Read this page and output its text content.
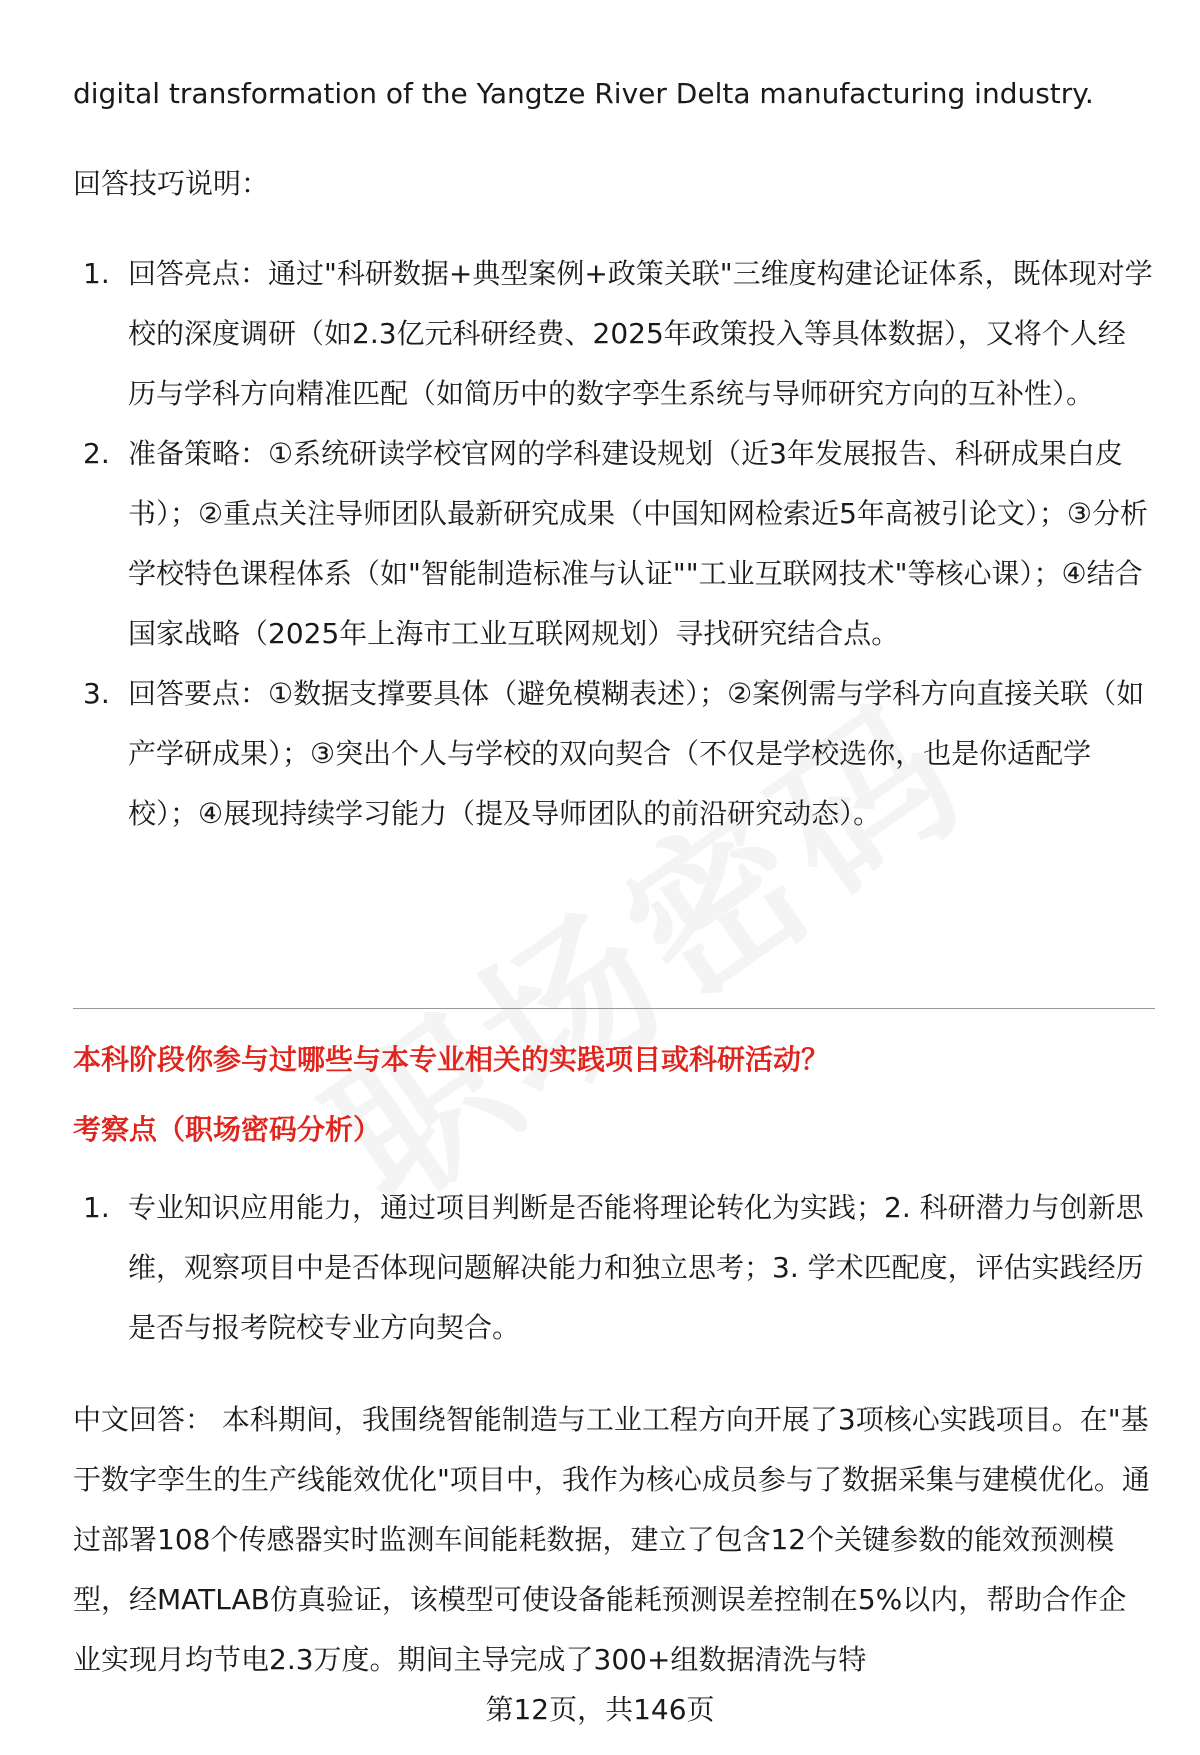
digital transformation of the Yangtze River Delta manufacturing industry.

回答技巧说明：

1. 回答亮点：通过"科研数据+典型案例+政策关联"三维度构建论证体系，既体现对学校的深度调研（如2.3亿元科研经费、2025年政策投入等具体数据），又将个人经历与学科方向精准匹配（如简历中的数字孪生系统与导师研究方向的互补性）。
2. 准备策略：①系统研读学校官网的学科建设规划（近3年发展报告、科研成果白皮书）；②重点关注导师团队最新研究成果（中国知网检索近5年高被引论文）；③分析学校特色课程体系（如"智能制造标准与认证""工业互联网技术"等核心课）；④结合国家战略（2025年上海市工业互联网规划）寻找研究结合点。
3. 回答要点：①数据支撑要具体（避免模糊表述）；②案例需与学科方向直接关联（如产学研成果）；③突出个人与学校的双向契合（不仅是学校选你，也是你适配学校）；④展现持续学习能力（提及导师团队的前沿研究动态）。

本科阶段你参与过哪些与本专业相关的实践项目或科研活动？

考察点（职场密码分析）

1. 专业知识应用能力，通过项目判断是否能将理论转化为实践；2. 科研潜力与创新思维，观察项目中是否体现问题解决能力和独立思考；3. 学术匹配度，评估实践经历是否与报考院校专业方向契合。

中文回答： 本科期间，我围绕智能制造与工业工程方向开展了3项核心实践项目。在"基于数字孪生的生产线能效优化"项目中，我作为核心成员参与了数据采集与建模优化。通过部署108个传感器实时监测车间能耗数据，建立了包含12个关键参数的能效预测模型，经MATLAB仿真验证，该模型可使设备能耗预测误差控制在5%以内，帮助合作企业实现月均节电2.3万度。期间主导完成了300+组数据清洗与特

第12页，共146页
